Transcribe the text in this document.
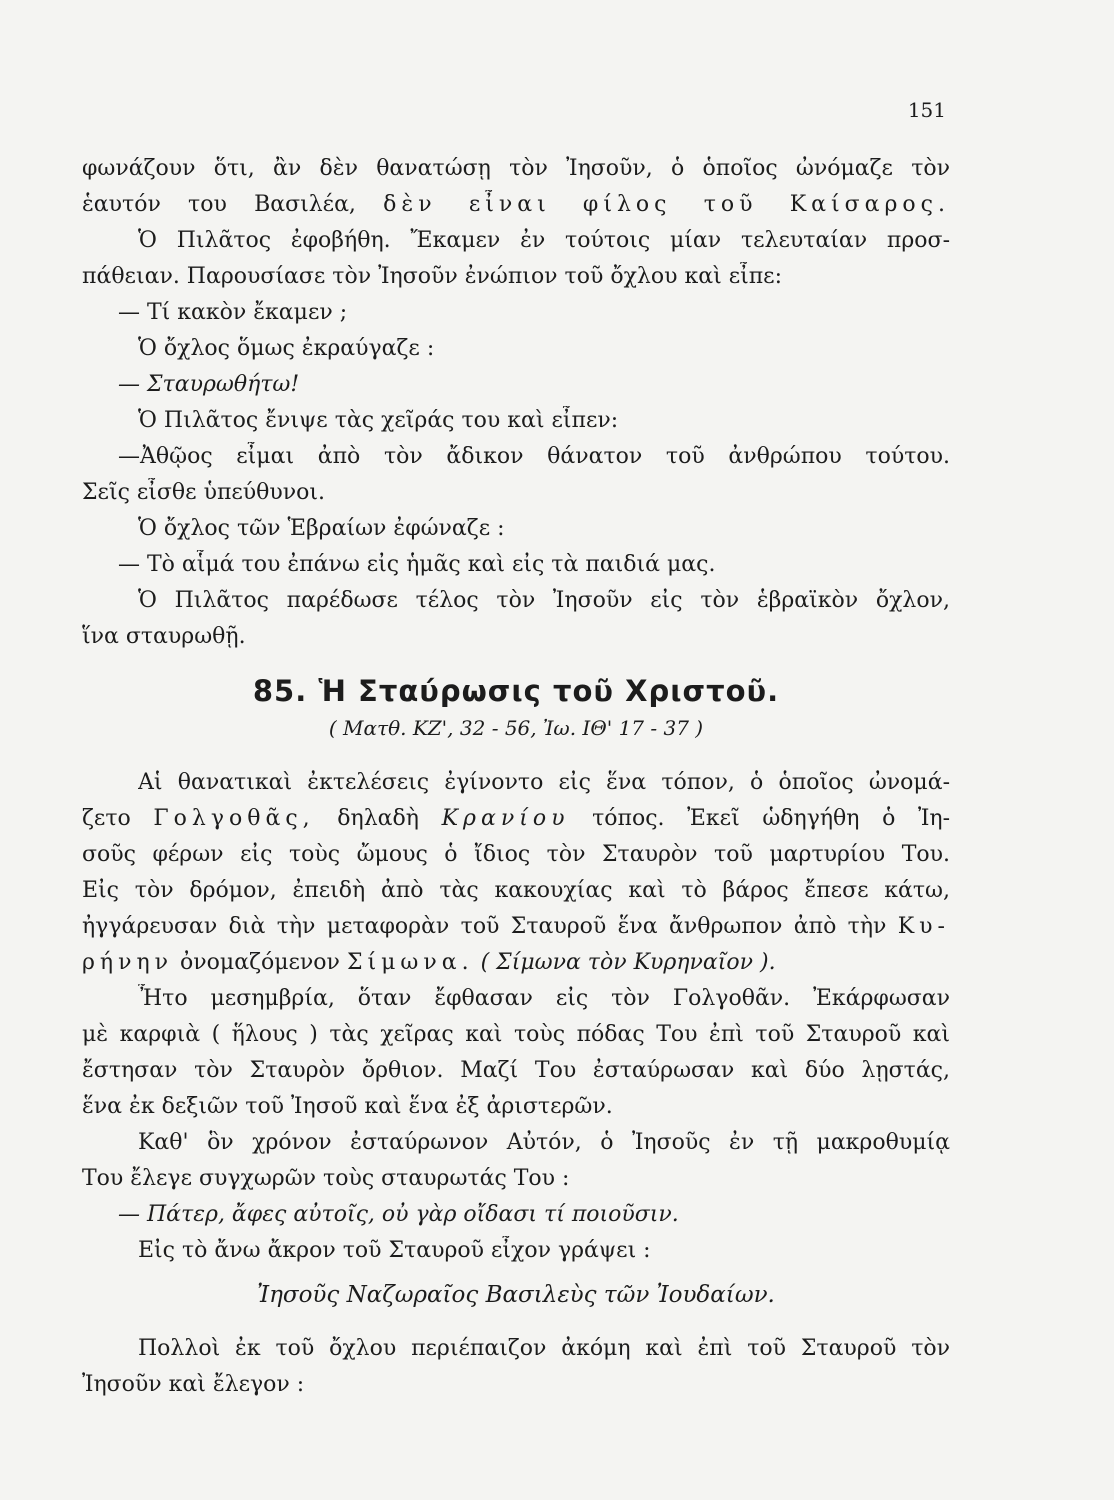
151
φωνάζουν ὅτι, ἂν δὲν θανατώσῃ τὸν Ἰησοῦν, ὁ ὁποῖος ὠνόμαζε τὸν
ἑαυτόν του Βασιλέα, δὲν εἶναι φίλος τοῦ Καίσαρος.
Ὁ Πιλᾶτος ἐφοβήθη. Ἔκαμεν ἐν τούτοις μίαν τελευταίαν προσ-
πάθειαν. Παρουσίασε τὸν Ἰησοῦν ἐνώπιον τοῦ ὄχλου καὶ εἶπε:
— Τί κακὸν ἔκαμεν ;
Ὁ ὄχλος ὅμως ἐκραύγαζε :
— Σταυρωθήτω!
Ὁ Πιλᾶτος ἔνιψε τὰς χεῖράς του καὶ εἶπεν:
—Ἀθῷος εἶμαι ἀπὸ τὸν ἄδικον θάνατον τοῦ ἀνθρώπου τούτου.
Σεῖς εἶσθε ὑπεύθυνοι.
Ὁ ὄχλος τῶν Ἑβραίων ἐφώναζε :
— Τὸ αἷμά του ἐπάνω εἰς ἡμᾶς καὶ εἰς τὰ παιδιά μας.
Ὁ Πιλᾶτος παρέδωσε τέλος τὸν Ἰησοῦν εἰς τὸν ἑβραϊκὸν ὄχλον,
ἵνα σταυρωθῇ.
85. Ἡ Σταύρωσις τοῦ Χριστοῦ.
( Ματθ. ΚΖ', 32 - 56, Ἰω. ΙΘ' 17 - 37 )
Αἱ θανατικαὶ ἐκτελέσεις ἐγίνοντο εἰς ἕνα τόπον, ὁ ὁποῖος ὠνομά-
ζετο Γολγοθᾶς, δηλαδὴ Κρανίου τόπος. Ἐκεῖ ὡδηγήθη ὁ Ἰη-
σοῦς φέρων εἰς τοὺς ὤμους ὁ ἴδιος τὸν Σταυρὸν τοῦ μαρτυρίου Του.
Εἰς τὸν δρόμον, ἐπειδὴ ἀπὸ τὰς κακουχίας καὶ τὸ βάρος ἔπεσε κάτω,
ἠγγάρευσαν διὰ τὴν μεταφορὰν τοῦ Σταυροῦ ἕνα ἄνθρωπον ἀπὸ τὴν Κυ-
ρήνην ὀνομαζόμενον Σίμωνα. ( Σίμωνα τὸν Κυρηναῖον ).
Ἦτο μεσημβρία, ὅταν ἔφθασαν εἰς τὸν Γολγοθᾶν. Ἐκάρφωσαν
μὲ καρφιὰ ( ἥλους ) τὰς χεῖρας καὶ τοὺς πόδας Του ἐπὶ τοῦ Σταυροῦ καὶ
ἔστησαν τὸν Σταυρὸν ὄρθιον. Μαζί Του ἐσταύρωσαν καὶ δύο λῃστάς,
ἕνα ἐκ δεξιῶν τοῦ Ἰησοῦ καὶ ἕνα ἐξ ἀριστερῶν.
Καθ' ὃν χρόνον ἐσταύρωνον Αὐτόν, ὁ Ἰησοῦς ἐν τῇ μακροθυμίᾳ
Του ἔλεγε συγχωρῶν τοὺς σταυρωτάς Του :
— Πάτερ, ἄφες αὐτοῖς, οὐ γὰρ οἴδασι τί ποιοῦσιν.
Εἰς τὸ ἄνω ἄκρον τοῦ Σταυροῦ εἶχον γράψει :
Ἰησοῦς Ναζωραῖος Βασιλεὺς τῶν Ἰουδαίων.
Πολλοὶ ἐκ τοῦ ὄχλου περιέπαιζον ἀκόμη καὶ ἐπὶ τοῦ Σταυροῦ τὸν
Ἰησοῦν καὶ ἔλεγον :
